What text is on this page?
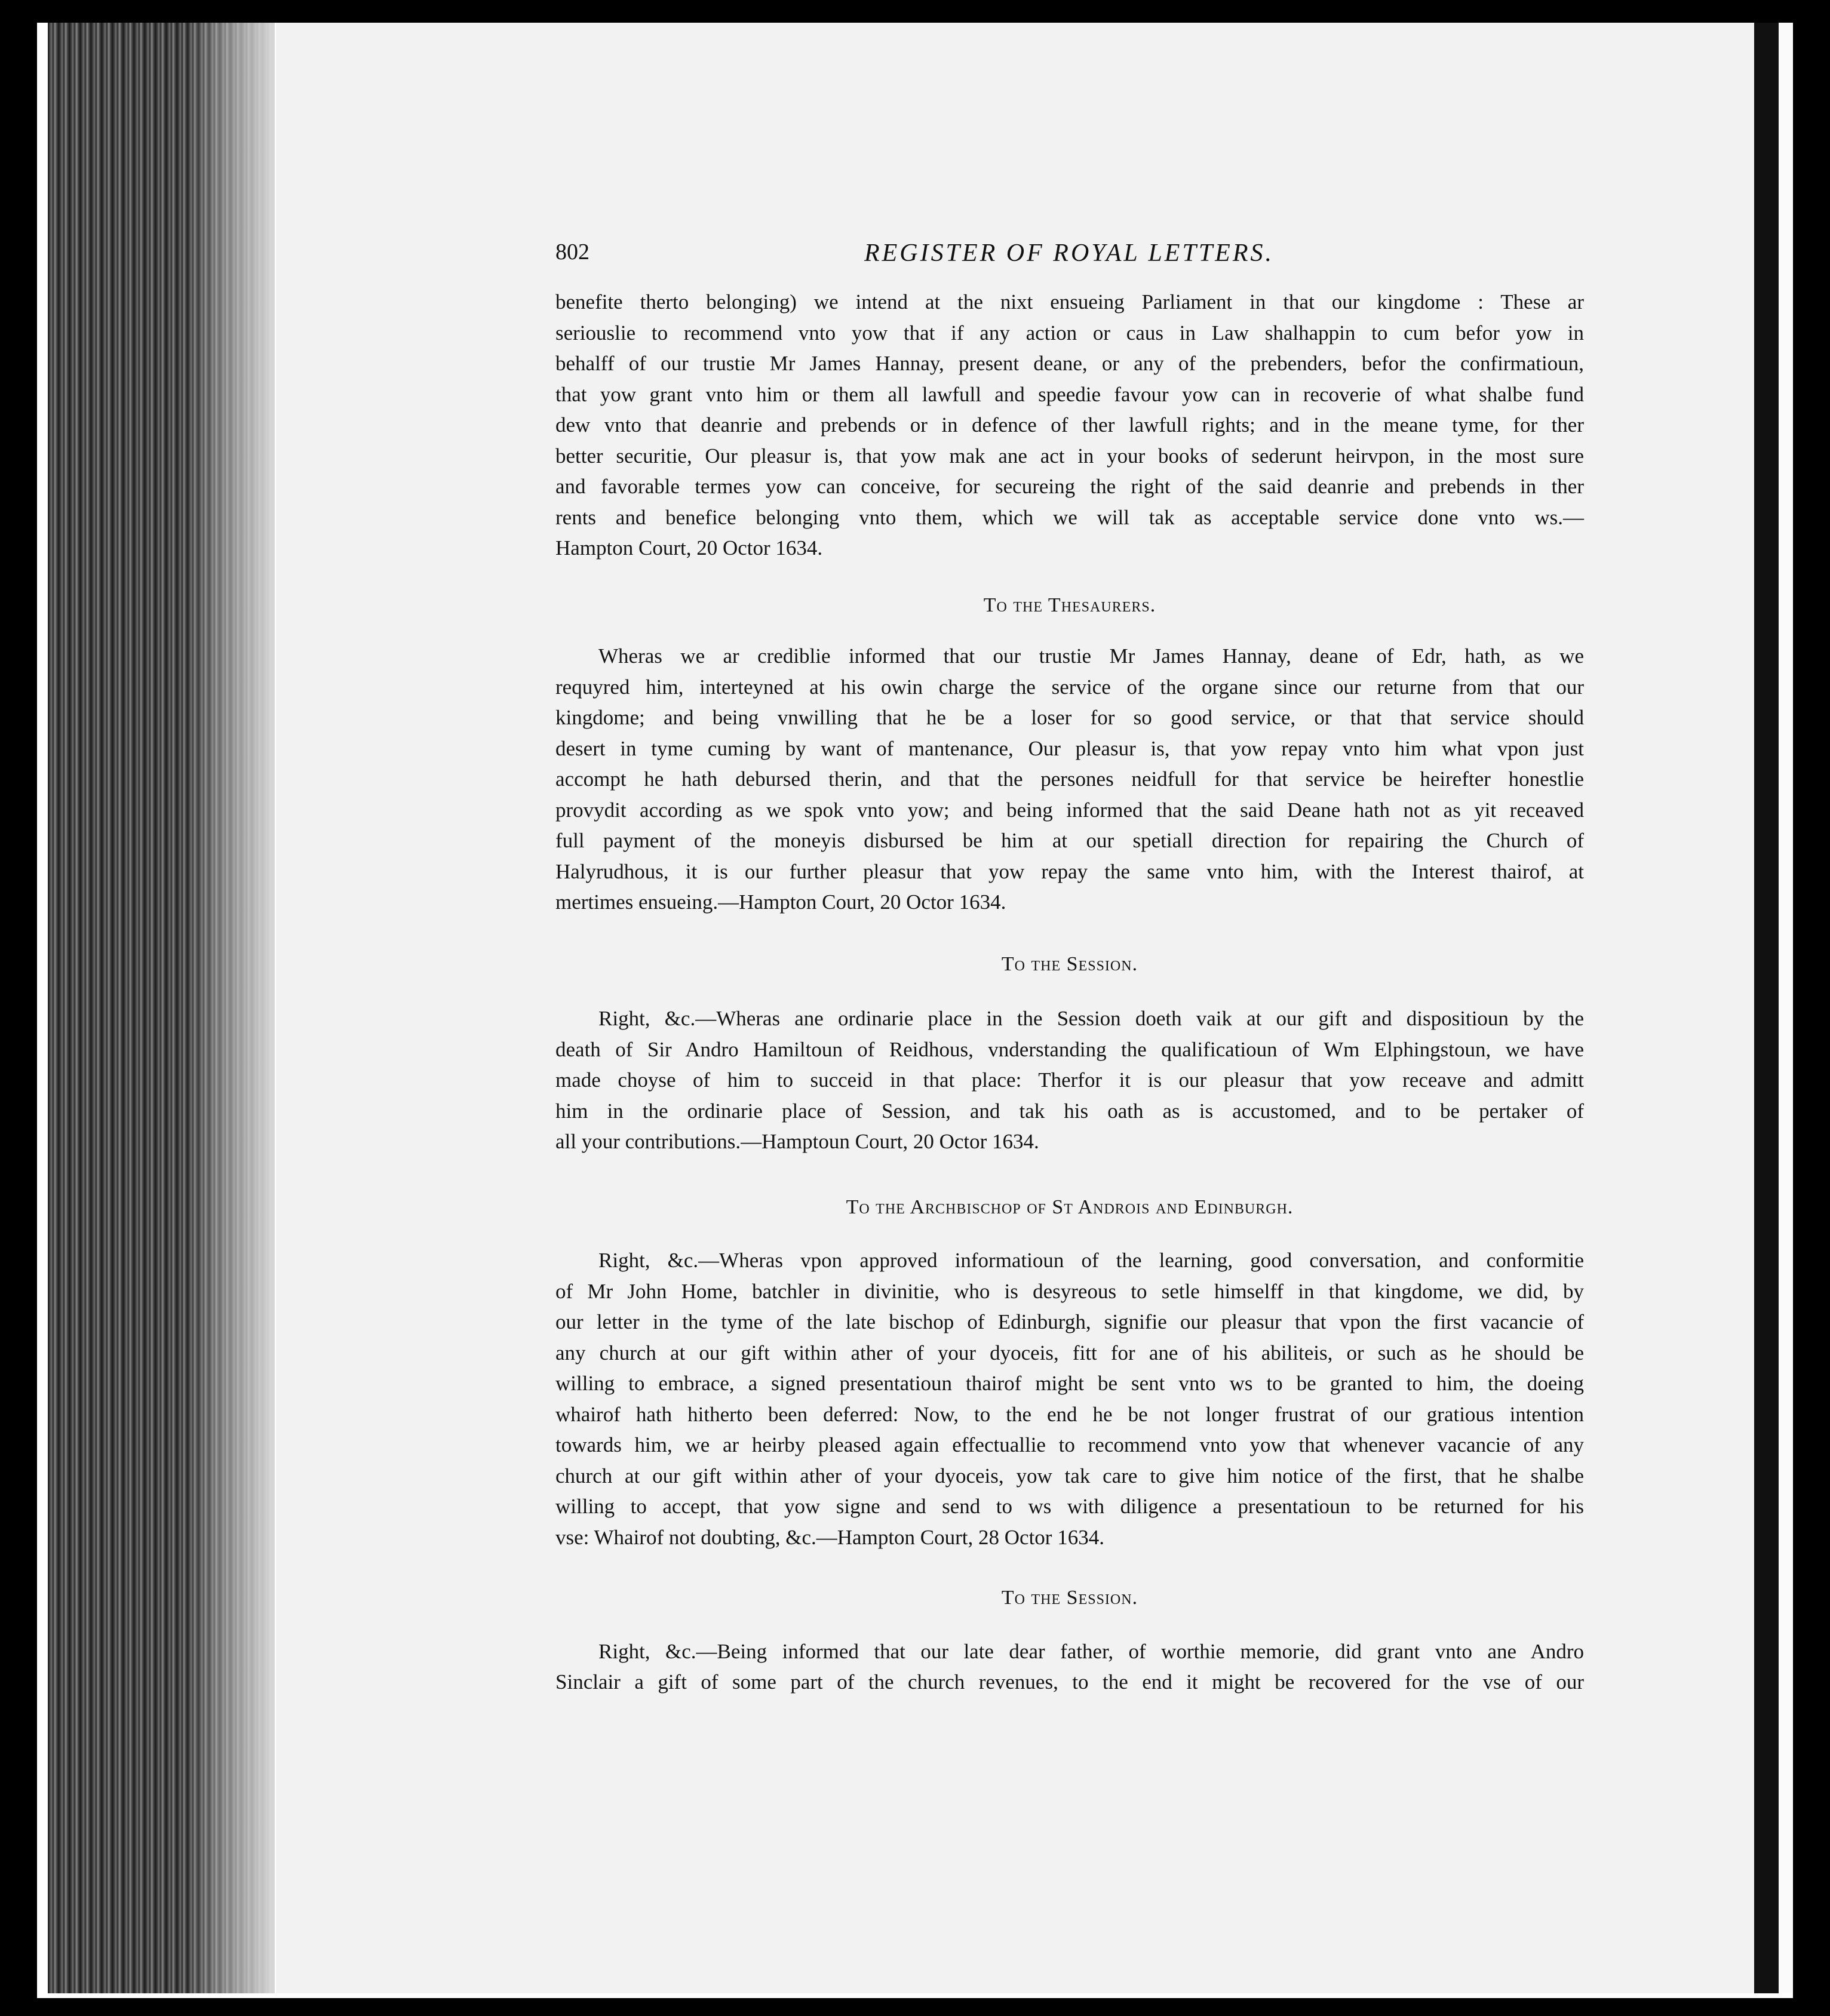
802	REGISTER OF ROYAL LETTERS.

benefite therto belonging) we intend at the nixt ensueing Parliament in that our kingdome : These ar

seriouslie to recommend vnto yow that if any action or caus in Law shalhappin to cum befor yow in

behalff of our trustie Mr James Hannay, present deane, or any of the prebenders, befor the confirmatioun,

that yow grant vnto him or them all lawfull and speedie favour yow can in recoverie of what shalbe fund

dew vnto that deanrie and prebends or in defence of ther lawfull rights; and in the meane tyme, for ther

better securitie, Our pleasur is, that yow mak ane act in your books of sederunt heirvpon, in the most sure

and favorable termes yow can conceive, for secureing the right of the said deanrie and prebends in ther

rents and benefice belonging vnto them, which we will tak as acceptable service done vnto ws.—

Hampton Court, 20 Octor 1634.

To the Thesaurers.

Wheras we ar crediblie informed that our trustie Mr James Hannay, deane of Edr, hath, as we

requyred him, interteyned at his owin charge the service of the organe since our returne from that our

kingdome; and being vnwilling that he be a loser for so good service, or that that service should

desert in tyme cuming by want of mantenance, Our pleasur is, that yow repay vnto him what vpon just

accompt he hath debursed therin, and that the persones neidfull for that service be heirefter honestlie

provydit according as we spok vnto yow; and being informed that the said Deane hath not as yit receaved

full payment of the moneyis disbursed be him at our spetiall direction for repairing the Church of

Halyrudhous, it is our further pleasur that yow repay the same vnto him, with the Interest thairof, at

mertimes ensueing.—Hampton Court, 20 Octor 1634.

To the Session.

Right, &c.—Wheras ane ordinarie place in the Session doeth vaik at our gift and dispositioun by the

death of Sir Andro Hamiltoun of Reidhous, vnderstanding the qualificatioun of Wm Elphingstoun, we have

made choyse of him to succeid in that place: Therfor it is our pleasur that yow receave and admitt

him in the ordinarie place of Session, and tak his oath as is accustomed, and to be pertaker of

all your contributions.—Hamptoun Court, 20 Octor 1634.

To the Archbischop of St Androis and Edinburgh.

Right, &c.—Wheras vpon approved informatioun of the learning, good conversation, and conformitie

of Mr John Home, batchler in divinitie, who is desyreous to setle himselff in that kingdome, we did, by

our letter in the tyme of the late bischop of Edinburgh, signifie our pleasur that vpon the first vacancie of

any church at our gift within ather of your dyoceis, fitt for ane of his abiliteis, or such as he should be

willing to embrace, a signed presentatioun thairof might be sent vnto ws to be granted to him, the doeing

whairof hath hitherto been deferred: Now, to the end he be not longer frustrat of our gratious intention

towards him, we ar heirby pleased again effectuallie to recommend vnto yow that whenever vacancie of any

church at our gift within ather of your dyoceis, yow tak care to give him notice of the first, that he shalbe

willing to accept, that yow signe and send to ws with diligence a presentatioun to be returned for his

vse: Whairof not doubting, &c.—Hampton Court, 28 Octor 1634.

To the Session.

Right, &c.—Being informed that our late dear father, of worthie memorie, did grant vnto ane Andro

Sinclair a gift of some part of the church revenues, to the end it might be recovered for the vse of our
